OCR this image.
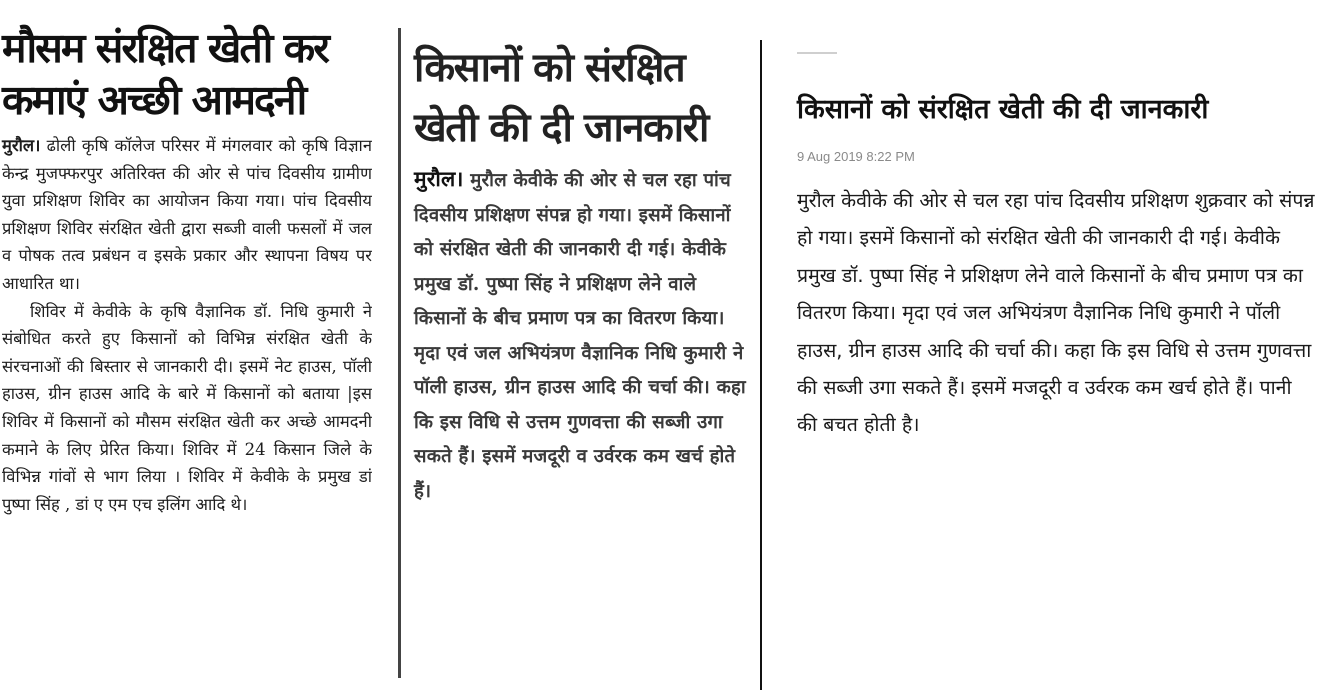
मौसम संरक्षित खेती कर कमाएं अच्छी आमदनी

मुरौल। ढोली कृषि कॉलेज परिसर में मंगलवार को कृषि विज्ञान केन्द्र मुजफ्फरपुर अतिरिक्त की ओर से पांच दिवसीय ग्रामीण युवा प्रशिक्षण शिविर का आयोजन किया गया। पांच दिवसीय प्रशिक्षण शिविर संरक्षित खेती द्वारा सब्जी वाली फसलों में जल व पोषक तत्व प्रबंधन व इसके प्रकार और स्थापना विषय पर आधारित था।

शिविर में केवीके के कृषि वैज्ञानिक डॉ. निधि कुमारी ने संबोधित करते हुए किसानों को विभिन्न संरक्षित खेती के संरचनाओं की बिस्तार से जानकारी दी। इसमें नेट हाउस, पॉली हाउस, ग्रीन हाउस आदि के बारे में किसानों को बताया |इस शिविर में किसानों को मौसम संरक्षित खेती कर अच्छे आमदनी कमाने के लिए प्रेरित किया। शिविर में 24 किसान जिले के विभिन्न गांवों से भाग लिया । शिविर में केवीके के प्रमुख डां पुष्पा सिंह , डां ए एम एच इलिंग आदि थे।

किसानों को संरक्षित खेती की दी जानकारी

मुरौल। मुरौल केवीके की ओर से चल रहा पांच दिवसीय प्रशिक्षण संपन्न हो गया। इसमें किसानों को संरक्षित खेती की जानकारी दी गई। केवीके प्रमुख डॉ. पुष्पा सिंह ने प्रशिक्षण लेने वाले किसानों के बीच प्रमाण पत्र का वितरण किया। मृदा एवं जल अभियंत्रण वैज्ञानिक निधि कुमारी ने पॉली हाउस, ग्रीन हाउस आदि की चर्चा की। कहा कि इस विधि से उत्तम गुणवत्ता की सब्जी उगा सकते हैं। इसमें मजदूरी व उर्वरक कम खर्च होते हैं।

किसानों को संरक्षित खेती की दी जानकारी
9 Aug 2019 8:22 PM

मुरौल केवीके की ओर से चल रहा पांच दिवसीय प्रशिक्षण शुक्रवार को संपन्न हो गया। इसमें किसानों को संरक्षित खेती की जानकारी दी गई। केवीके प्रमुख डॉ. पुष्पा सिंह ने प्रशिक्षण लेने वाले किसानों के बीच प्रमाण पत्र का वितरण किया। मृदा एवं जल अभियंत्रण वैज्ञानिक निधि कुमारी ने पॉली हाउस, ग्रीन हाउस आदि की चर्चा की। कहा कि इस विधि से उत्तम गुणवत्ता की सब्जी उगा सकते हैं। इसमें मजदूरी व उर्वरक कम खर्च होते हैं। पानी की बचत होती है।
